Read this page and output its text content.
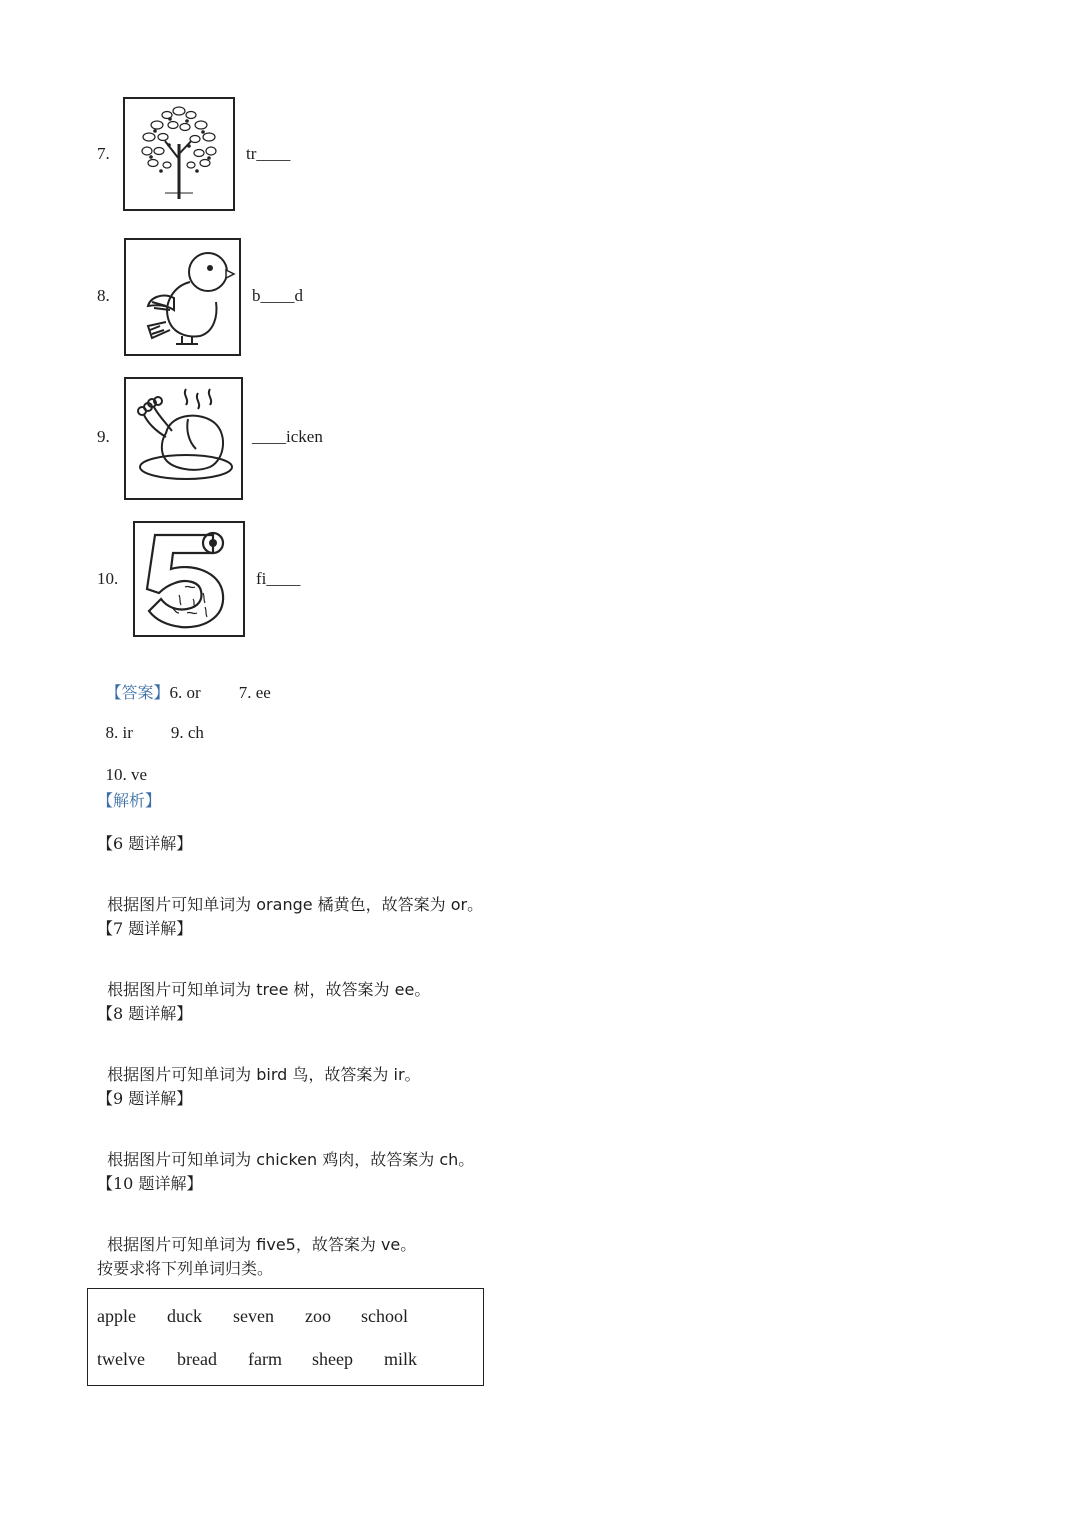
7.	tr____
8.	b____d
9.	____icken
10.	fi____

【答案】6. or 7. ee

8. ir 9. ch

10. ve

【解析】
【6 题详解】

根据图片可知单词为 orange 橘黄色，故答案为 or。

【7 题详解】

根据图片可知单词为 tree 树，故答案为 ee。

【8 题详解】

根据图片可知单词为 bird 鸟，故答案为 ir。

【9 题详解】

根据图片可知单词为 chicken 鸡肉，故答案为 ch。

【10 题详解】

根据图片可知单词为 five5，故答案为 ve。

按要求将下列单词归类。
apple duck seven zoo school
twelve bread farm sheep milk
